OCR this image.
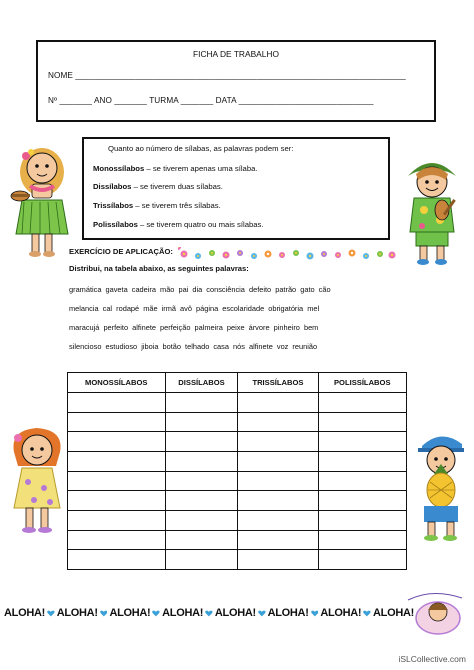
FICHA DE TRABALHO
NOME _______________________________________________________________________
Nº _______ ANO _______ TURMA _______ DATA _____________________________
Quanto ao número de sílabas, as palavras podem ser:
Monossílabos – se tiverem apenas uma sílaba.
Dissílabos – se tiverem duas sílabas.
Trissílabos – se tiverem três sílabas.
Polissílabos – se tiverem quatro ou mais sílabas.
EXERCÍCIO DE APLICAÇÃO:
Distribui, na tabela abaixo, as seguintes palavras:
gramática gaveta cadeira mão pai dia consciência defeito patrão gato cão
melancia cal rodapé mãe irmã avô página escolaridade obrigatória mel
maracujá perfeito alfinete perfeição palmeira peixe árvore pinheiro bem
silencioso estudioso jiboia botão telhado casa nós alfinete voz reunião
MONOSSÍLABOS	DISSÍLABOS	TRISSÍLABOS	POLISSÍLABOS

ALOHA! ALOHA! ALOHA! ALOHA! ALOHA! ALOHA! ALOHA! ALOHA!
iSLCollective.com
